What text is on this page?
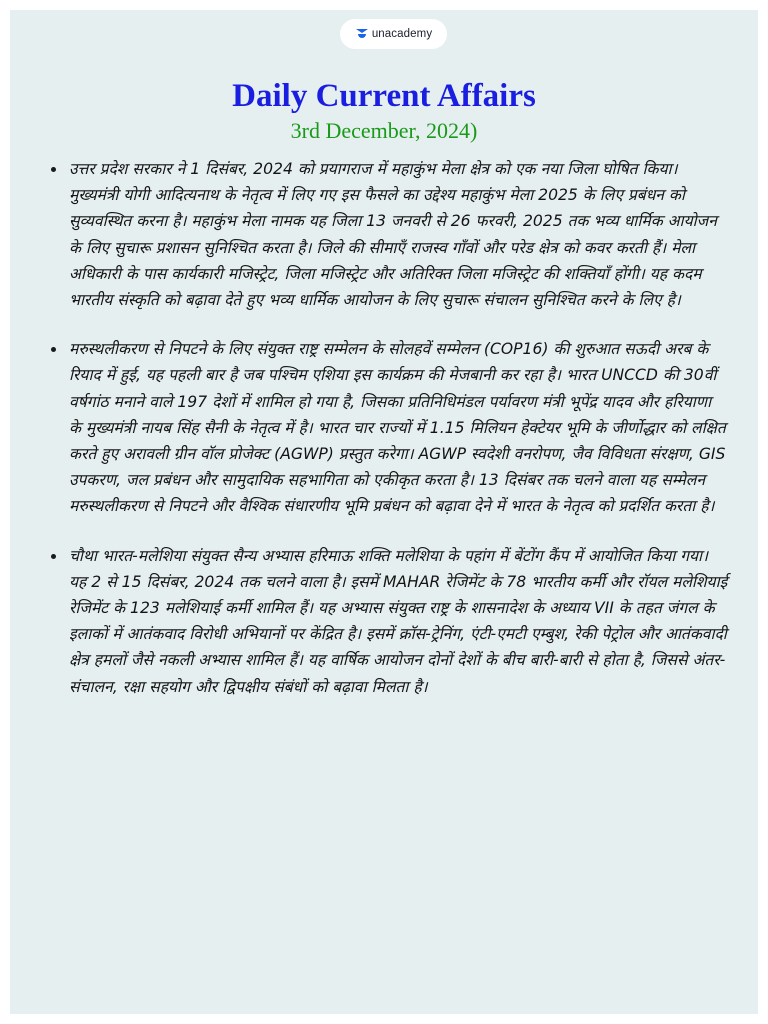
unacademy
Daily Current Affairs
3rd December, 2024)
उत्तर प्रदेश सरकार ने 1 दिसंबर, 2024 को प्रयागराज में महाकुंभ मेला क्षेत्र को एक नया जिला घोषित किया। मुख्यमंत्री योगी आदित्यनाथ के नेतृत्व में लिए गए इस फैसले का उद्देश्य महाकुंभ मेला 2025 के लिए प्रबंधन को सुव्यवस्थित करना है। महाकुंभ मेला नामक यह जिला 13 जनवरी से 26 फरवरी, 2025 तक भव्य धार्मिक आयोजन के लिए सुचारू प्रशासन सुनिश्चित करता है। जिले की सीमाएँ राजस्व गाँवों और परेड क्षेत्र को कवर करती हैं। मेला अधिकारी के पास कार्यकारी मजिस्ट्रेट, जिला मजिस्ट्रेट और अतिरिक्त जिला मजिस्ट्रेट की शक्तियाँ होंगी। यह कदम भारतीय संस्कृति को बढ़ावा देते हुए भव्य धार्मिक आयोजन के लिए सुचारू संचालन सुनिश्चित करने के लिए है।
मरुस्थलीकरण से निपटने के लिए संयुक्त राष्ट्र सम्मेलन के सोलहवें सम्मेलन (COP16) की शुरुआत सऊदी अरब के रियाद में हुई, यह पहली बार है जब पश्चिम एशिया इस कार्यक्रम की मेजबानी कर रहा है। भारत UNCCD की 30वीं वर्षगांठ मनाने वाले 197 देशों में शामिल हो गया है, जिसका प्रतिनिधिमंडल पर्यावरण मंत्री भूपेंद्र यादव और हरियाणा के मुख्यमंत्री नायब सिंह सैनी के नेतृत्व में है। भारत चार राज्यों में 1.15 मिलियन हेक्टेयर भूमि के जीर्णोद्धार को लक्षित करते हुए अरावली ग्रीन वॉल प्रोजेक्ट (AGWP) प्रस्तुत करेगा। AGWP स्वदेशी वनरोपण, जैव विविधता संरक्षण, GIS उपकरण, जल प्रबंधन और सामुदायिक सहभागिता को एकीकृत करता है। 13 दिसंबर तक चलने वाला यह सम्मेलन मरुस्थलीकरण से निपटने और वैश्विक संधारणीय भूमि प्रबंधन को बढ़ावा देने में भारत के नेतृत्व को प्रदर्शित करता है।
चौथा भारत-मलेशिया संयुक्त सैन्य अभ्यास हरिमाऊ शक्ति मलेशिया के पहांग में बेंटोंग कैंप में आयोजित किया गया। यह 2 से 15 दिसंबर, 2024 तक चलने वाला है। इसमें MAHAR रेजिमेंट के 78 भारतीय कर्मी और रॉयल मलेशियाई रेजिमेंट के 123 मलेशियाई कर्मी शामिल हैं। यह अभ्यास संयुक्त राष्ट्र के शासनादेश के अध्याय VII के तहत जंगल के इलाकों में आतंकवाद विरोधी अभियानों पर केंद्रित है। इसमें क्रॉस-ट्रेनिंग, एंटी-एमटी एम्बुश, रेकी पेट्रोल और आतंकवादी क्षेत्र हमलों जैसे नकली अभ्यास शामिल हैं। यह वार्षिक आयोजन दोनों देशों के बीच बारी-बारी से होता है, जिससे अंतर-संचालन, रक्षा सहयोग और द्विपक्षीय संबंधों को बढ़ावा मिलता है।
